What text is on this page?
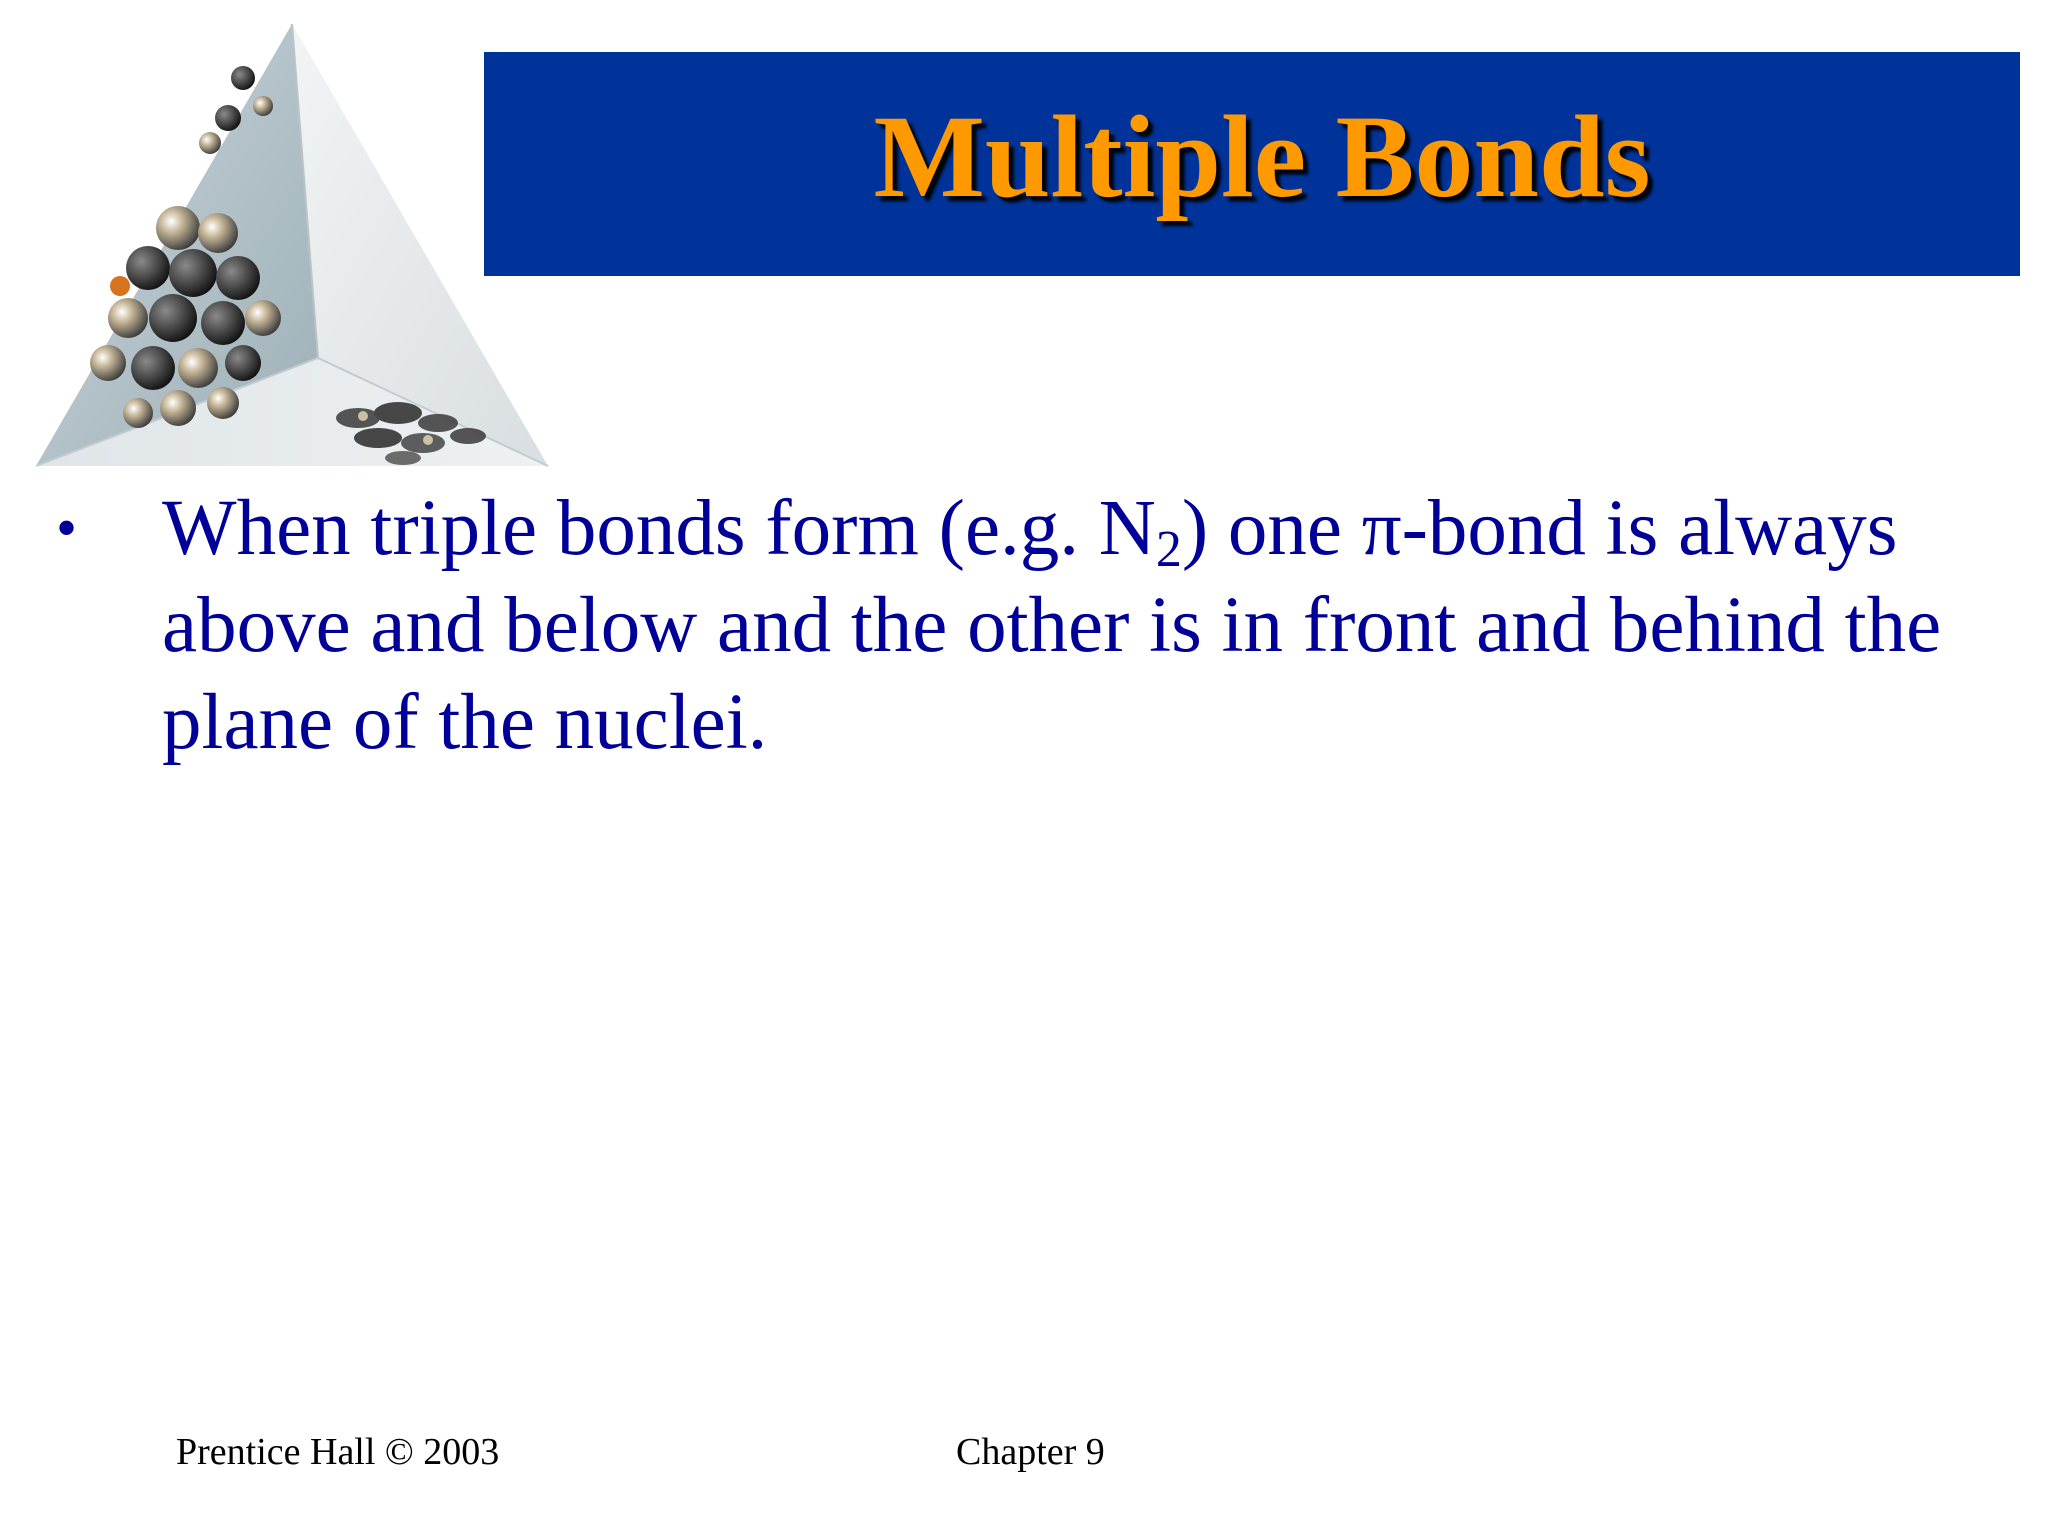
Multiple Bonds
•	When triple bonds form (e.g. $N_2$) one π-bond is always above and below and the other is in front and behind the plane of the nuclei.
Prentice Hall © 2003	Chapter 9
